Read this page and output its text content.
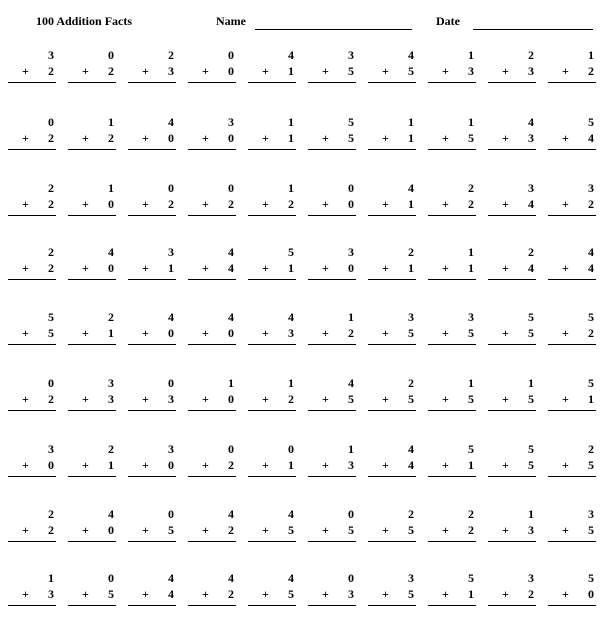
100 Addition Facts	Name	Date
3
+ 2
0
+ 2
2
+ 3
0
+ 0
4
+ 1
3
+ 5
4
+ 5
1
+ 3
2
+ 3
1
+ 2
0
+ 2
1
+ 2
4
+ 0
3
+ 0
1
+ 1
5
+ 5
1
+ 1
1
+ 5
4
+ 3
5
+ 4
2
+ 2
1
+ 0
0
+ 2
0
+ 2
1
+ 2
0
+ 0
4
+ 1
2
+ 2
3
+ 4
3
+ 2
2
+ 2
4
+ 0
3
+ 1
4
+ 4
5
+ 1
3
+ 0
2
+ 1
1
+ 1
2
+ 4
4
+ 4
5
+ 5
2
+ 1
4
+ 0
4
+ 0
4
+ 3
1
+ 2
3
+ 5
3
+ 5
5
+ 5
5
+ 2
0
+ 2
3
+ 3
0
+ 3
1
+ 0
1
+ 2
4
+ 5
2
+ 5
1
+ 5
1
+ 5
5
+ 1
3
+ 0
2
+ 1
3
+ 0
0
+ 2
0
+ 1
1
+ 3
4
+ 4
5
+ 1
5
+ 5
2
+ 5
2
+ 2
4
+ 0
0
+ 5
4
+ 2
4
+ 5
0
+ 5
2
+ 5
2
+ 2
1
+ 3
3
+ 5
1
+ 3
0
+ 5
4
+ 4
4
+ 2
4
+ 5
0
+ 3
3
+ 5
5
+ 1
3
+ 2
5
+ 0
